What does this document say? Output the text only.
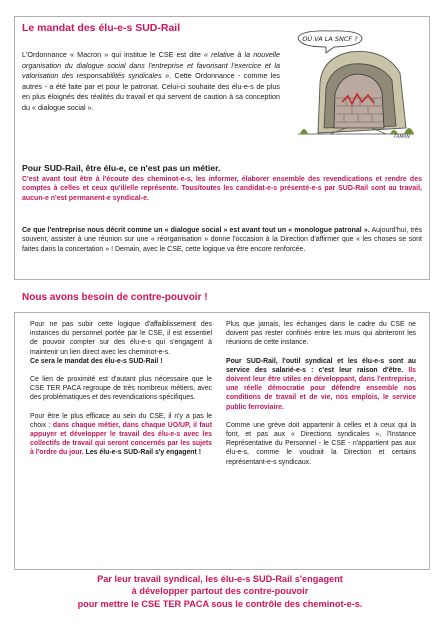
Le mandat des élu-e-s SUD-Rail
L'Ordonnance « Macron » qui institue le CSE est dite « relative à la nouvelle organisation du dialogue social dans l'entreprise et favorisant l'exercice et la valorisation des responsabilités syndicales ». Cette Ordonnance - comme les autres - a été faite par et pour le patronat. Celui-ci souhaite des élu-e-s de plus en plus éloignés des réalités du travail et qui servent de caution à sa conception du « dialogue social ».
OÙ VA LA SNCF ?
FAMAN
Pour SUD-Rail, être élu-e, ce n'est pas un métier.
C'est avant tout être à l'écoute des cheminot-e-s, les informer, élaborer ensemble des revendications et rendre des comptes à celles et ceux qu'il/elle représente. Tous/toutes les candidat-e-s présenté-e-s par SUD-Rail sont au travail, aucun-e n'est permanent-e syndical-e.
Ce que l'entreprise nous décrit comme un « dialogue social » est avant tout un « monologue patronal ». Aujourd'hui, très souvent, assister à une réunion sur une « réorganisation » donne l'occasion à la Direction d'affirmer que « les choses se sont faites dans la concertation » ! Demain, avec le CSE, cette logique va être encore renforcée.
Nous avons besoin de contre-pouvoir !

Pour ne pas subir cette logique d'affaiblissement des instances du personnel portée par le CSE, il est essentiel de pouvoir compter sur des élu-e-s qui s'engagent à maintenir un lien direct avec les cheminot-e-s.
Ce sera le mandat des élu-e-s SUD-Rail !

Ce lien de proximité est d'autant plus nécessaire que le CSE TER PACA regroupe de très nombreux métiers, avec des problématiques et des revendications spécifiques.

Pour être le plus efficace au sein du CSE, il n'y a pas le choix : dans chaque métier, dans chaque UO/UP, il faut appuyer et développer le travail des élu-e-s avec les collectifs de travail qui seront concernés par les sujets à l'ordre du jour. Les élu-e-s SUD-Rail s'y engagent !

Plus que jamais, les échanges dans le cadre du CSE ne doivent pas rester confinés entre les murs qui abriteront les réunions de cette instance.

Pour SUD-Rail, l'outil syndical et les élu-e-s sont au service des salarié-e-s : c'est leur raison d'être. Ils doivent leur être utiles en développant, dans l'entreprise, une réelle démocratie pour défendre ensemble nos conditions de travail et de vie, nos emplois, le service public ferroviaire.

Comme une grève doit appartenir à celles et à ceux qui la font, et pas aux « Directions syndicales », l'Instance Représentative du Personnel - le CSE - n'appartient pas aux élu-e-s, comme le voudrait la Direction et certains représentant-e-s syndicaux.

Par leur travail syndical, les élu-e-s SUD-Rail s'engagent
à développer partout des contre-pouvoir
pour mettre le CSE TER PACA sous le contrôle des cheminot-e-s.
